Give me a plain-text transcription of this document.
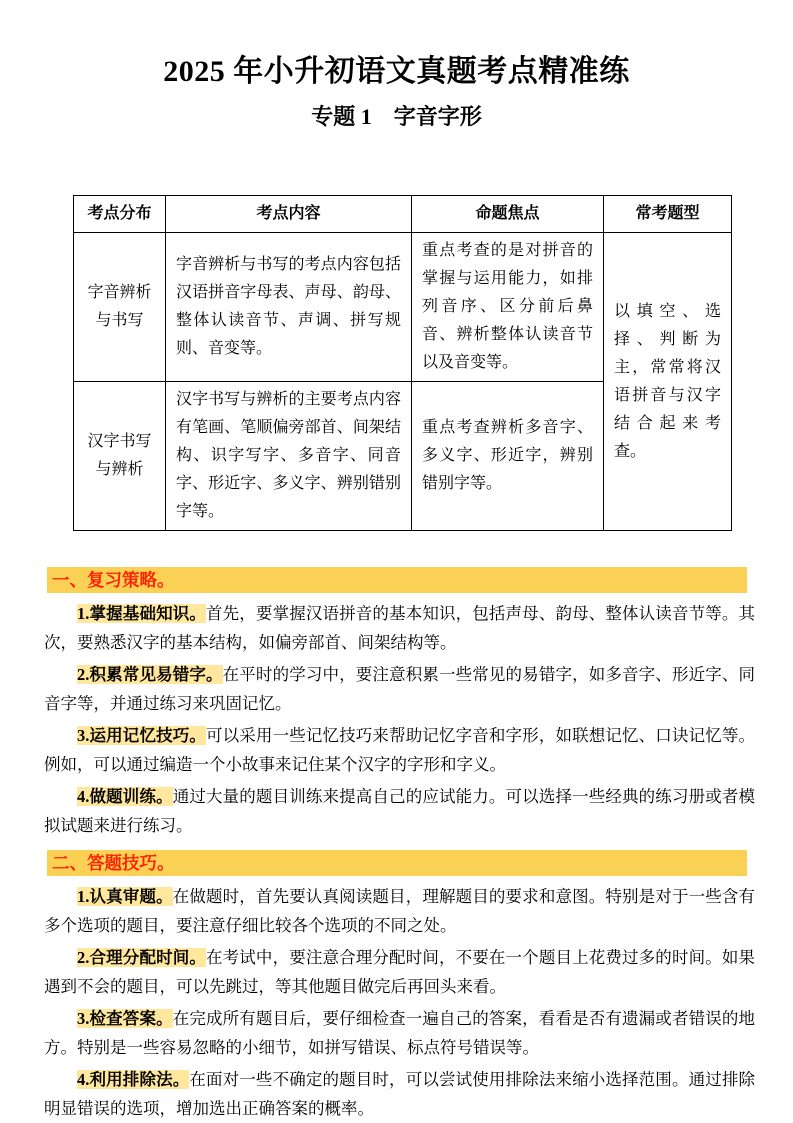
2025 年小升初语文真题考点精准练
专题 1　字音字形
考点分布	考点内容	命题焦点	常考题型
字音辨析与书写	字音辨析与书写的考点内容包括汉语拼音字母表、声母、韵母、整体认读音节、声调、拼写规则、音变等。	重点考查的是对拼音的掌握与运用能力，如排列音序、区分前后鼻音、辨析整体认读音节以及音变等。	以填空、选择、判断为主，常常将汉语拼音与汉字结合起来考查。
汉字书写与辨析	汉字书写与辨析的主要考点内容有笔画、笔顺偏旁部首、间架结构、识字写字、多音字、同音字、形近字、多义字、辨别错别字等。	重点考查辨析多音字、多义字、形近字，辨别错别字等。	
一、复习策略。

1.掌握基础知识。首先，要掌握汉语拼音的基本知识，包括声母、韵母、整体认读音节等。其次，要熟悉汉字的基本结构，如偏旁部首、间架结构等。

2.积累常见易错字。在平时的学习中，要注意积累一些常见的易错字，如多音字、形近字、同音字等，并通过练习来巩固记忆。

3.运用记忆技巧。可以采用一些记忆技巧来帮助记忆字音和字形，如联想记忆、口诀记忆等。例如，可以通过编造一个小故事来记住某个汉字的字形和字义。

4.做题训练。通过大量的题目训练来提高自己的应试能力。可以选择一些经典的练习册或者模拟试题来进行练习。

二、答题技巧。

1.认真审题。在做题时，首先要认真阅读题目，理解题目的要求和意图。特别是对于一些含有多个选项的题目，要注意仔细比较各个选项的不同之处。

2.合理分配时间。在考试中，要注意合理分配时间，不要在一个题目上花费过多的时间。如果遇到不会的题目，可以先跳过，等其他题目做完后再回头来看。

3.检查答案。在完成所有题目后，要仔细检查一遍自己的答案，看看是否有遗漏或者错误的地方。特别是一些容易忽略的小细节，如拼写错误、标点符号错误等。

4.利用排除法。在面对一些不确定的题目时，可以尝试使用排除法来缩小选择范围。通过排除明显错误的选项，增加选出正确答案的概率。
